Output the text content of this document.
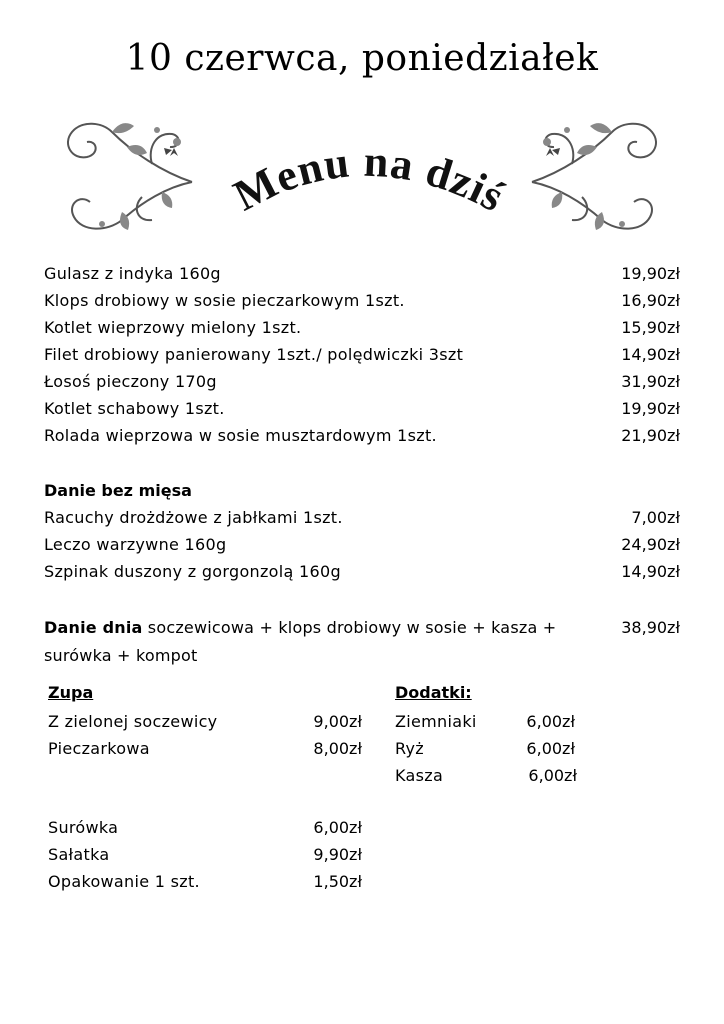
10 czerwca, poniedziałek
Menu na dziś
Gulasz z indyka 160g	19,90zł
Klops drobiowy w sosie pieczarkowym 1szt.	16,90zł
Kotlet wieprzowy mielony 1szt.	15,90zł
Filet drobiowy panierowany 1szt./ polędwiczki 3szt	14,90zł
Łosoś pieczony 170g	31,90zł
Kotlet schabowy 1szt.	19,90zł
Rolada wieprzowa w sosie musztardowym 1szt.	21,90zł
Danie bez mięsa
Racuchy drożdżowe z jabłkami 1szt.	7,00zł
Leczo warzywne 160g	24,90zł
Szpinak duszony z gorgonzolą 160g	14,90zł
Danie dnia soczewicowa + klops drobiowy w sosie + kasza + surówka + kompot
38,90zł
Zupa
Z zielonej soczewicy	9,00zł
Pieczarkowa	8,00zł
Dodatki:
Ziemniaki	6,00zł
Ryż	6,00zł
Kasza	6,00zł
Surówka	6,00zł
Sałatka	9,90zł
Opakowanie 1 szt.	1,50zł
